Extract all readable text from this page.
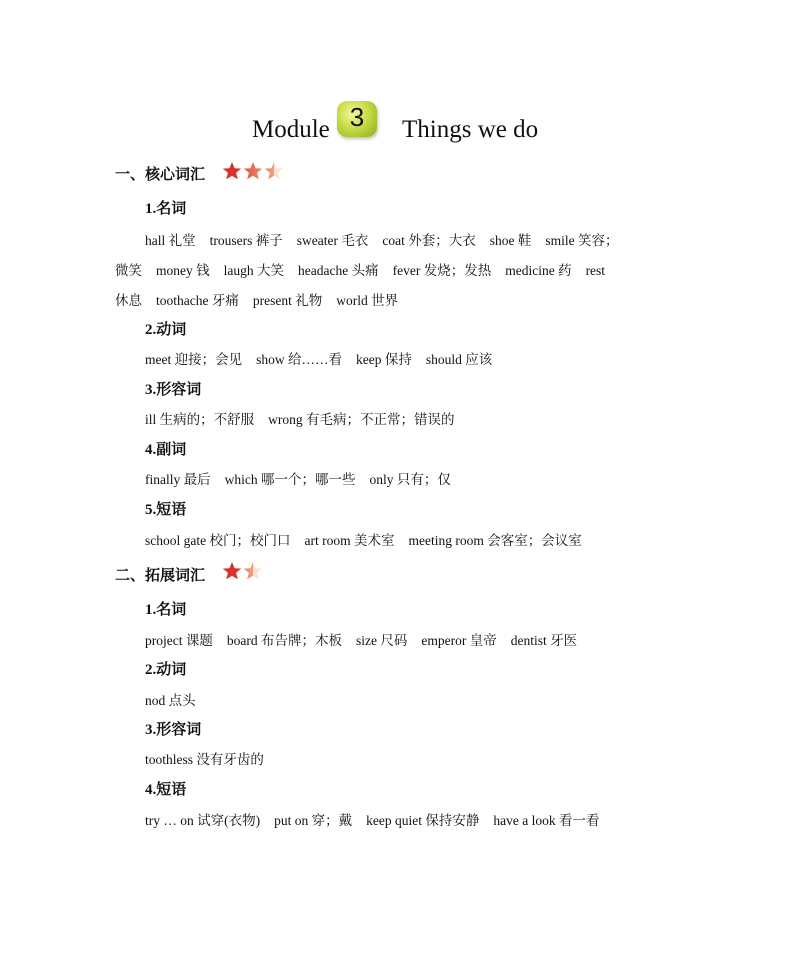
Module 3	Things we do
一、核心词汇
1.名词
hall 礼堂 trousers 裤子 sweater 毛衣 coat 外套；大衣 shoe 鞋 smile 笑容；
微笑 money 钱 laugh 大笑 headache 头痛 fever 发烧；发热 medicine 药 rest
休息 toothache 牙痛 present 礼物 world 世界
2.动词
meet 迎接；会见 show 给……看 keep 保持 should 应该
3.形容词
ill 生病的；不舒服 wrong 有毛病；不正常；错误的
4.副词
finally 最后 which 哪一个；哪一些 only 只有；仅
5.短语
school gate 校门；校门口 art room 美术室 meeting room 会客室；会议室
二、拓展词汇
1.名词
project 课题 board 布告牌；木板 size 尺码 emperor 皇帝 dentist 牙医
2.动词
nod 点头
3.形容词
toothless 没有牙齿的
4.短语
try … on 试穿(衣物) put on 穿；戴 keep quiet 保持安静 have a look 看一看
